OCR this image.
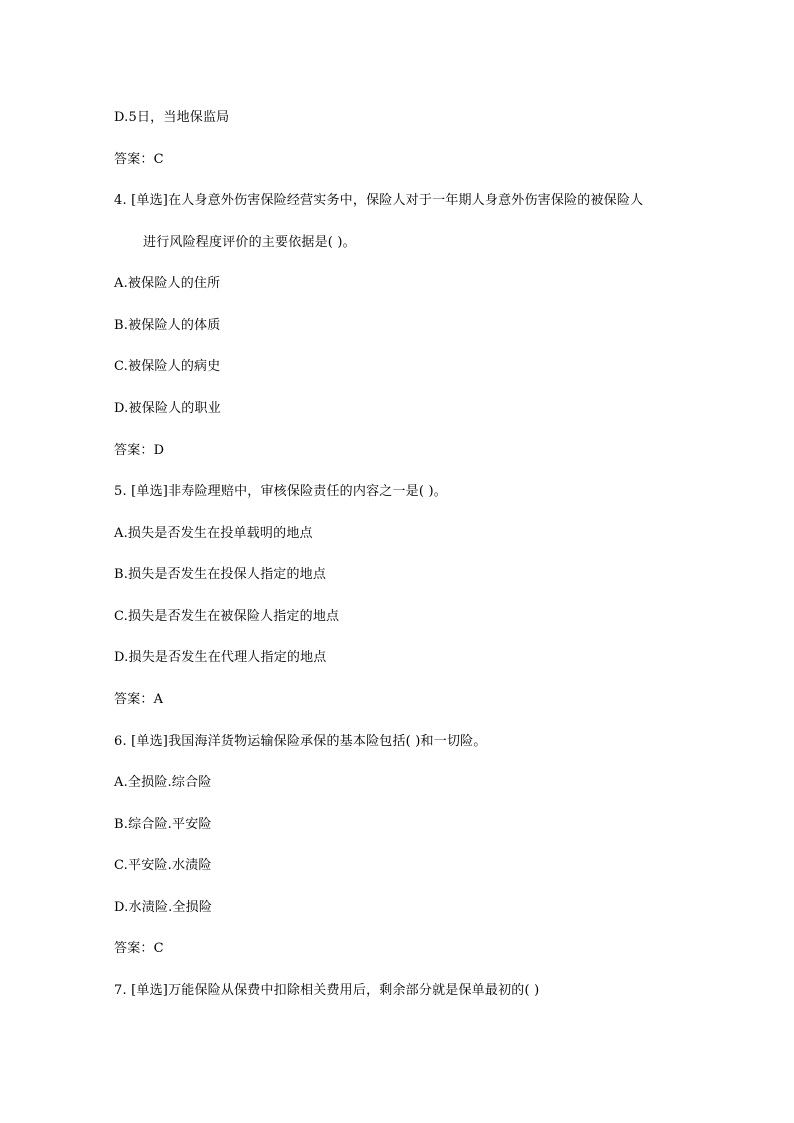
D.5日，当地保监局
答案：C
4. [单选]在人身意外伤害保险经营实务中，保险人对于一年期人身意外伤害保险的被保险人
进行风险程度评价的主要依据是( )。
A.被保险人的住所
B.被保险人的体质
C.被保险人的病史
D.被保险人的职业
答案：D
5. [单选]非寿险理赔中，审核保险责任的内容之一是( )。
A.损失是否发生在投单载明的地点
B.损失是否发生在投保人指定的地点
C.损失是否发生在被保险人指定的地点
D.损失是否发生在代理人指定的地点
答案：A
6. [单选]我国海洋货物运输保险承保的基本险包括( )和一切险。
A.全损险.综合险
B.综合险.平安险
C.平安险.水渍险
D.水渍险.全损险
答案：C
7. [单选]万能保险从保费中扣除相关费用后，剩余部分就是保单最初的( )
